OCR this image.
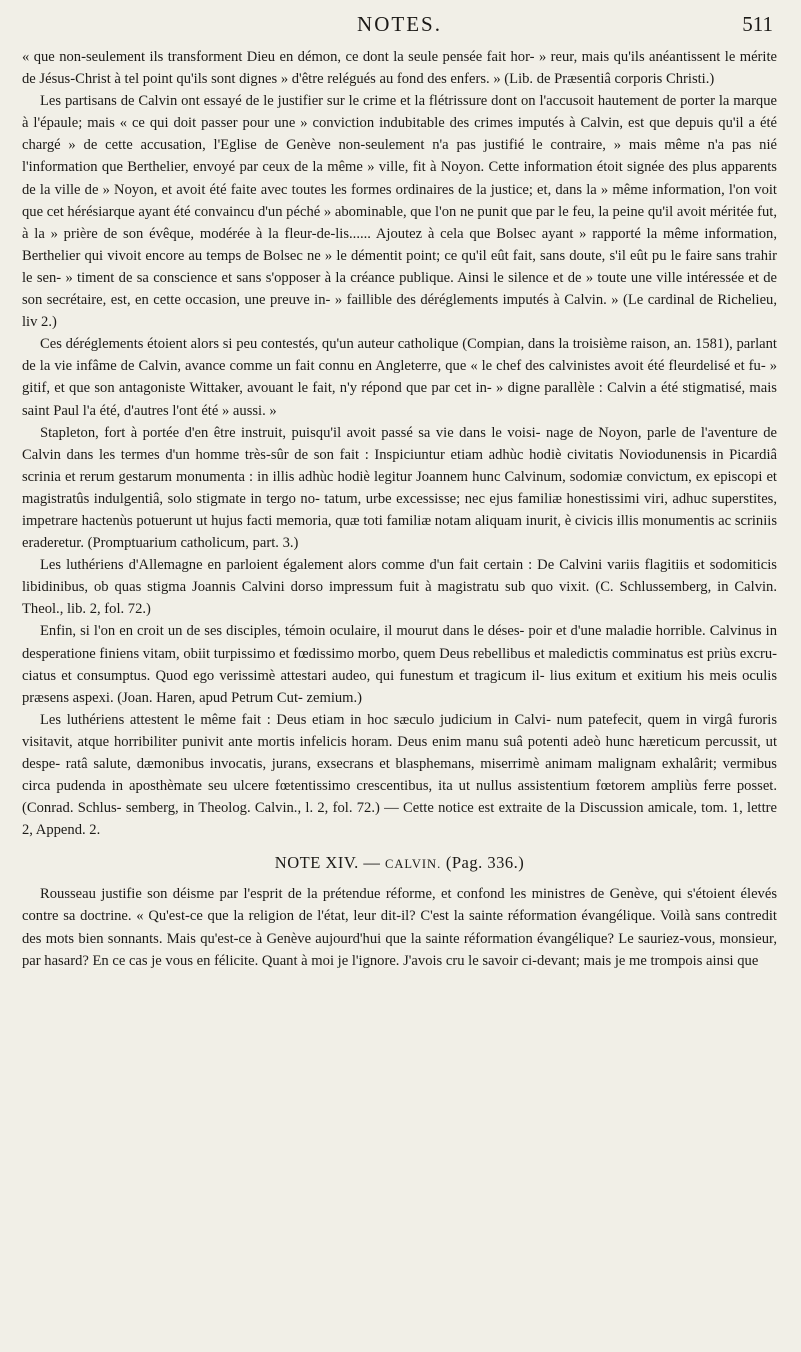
NOTES.	511

« que non-seulement ils transforment Dieu en démon, ce dont la seule pensée fait hor- » reur, mais qu'ils anéantissent le mérite de Jésus-Christ à tel point qu'ils sont dignes » d'être relégués au fond des enfers. » (Lib. de Præsentiâ corporis Christi.)

Les partisans de Calvin ont essayé de le justifier sur le crime et la flétrissure dont on l'accusoit hautement de porter la marque à l'épaule; mais « ce qui doit passer pour une » conviction indubitable des crimes imputés à Calvin, est que depuis qu'il a été chargé » de cette accusation, l'Eglise de Genève non-seulement n'a pas justifié le contraire, » mais même n'a pas nié l'information que Berthelier, envoyé par ceux de la même » ville, fit à Noyon. Cette information étoit signée des plus apparents de la ville de » Noyon, et avoit été faite avec toutes les formes ordinaires de la justice; et, dans la » même information, l'on voit que cet hérésiarque ayant été convaincu d'un péché » abominable, que l'on ne punit que par le feu, la peine qu'il avoit méritée fut, à la » prière de son évêque, modérée à la fleur-de-lis...... Ajoutez à cela que Bolsec ayant » rapporté la même information, Berthelier qui vivoit encore au temps de Bolsec ne » le démentit point; ce qu'il eût fait, sans doute, s'il eût pu le faire sans trahir le sen- » timent de sa conscience et sans s'opposer à la créance publique. Ainsi le silence et de » toute une ville intéressée et de son secrétaire, est, en cette occasion, une preuve in- » faillible des déréglements imputés à Calvin. » (Le cardinal de Richelieu, liv 2.)

Ces déréglements étoient alors si peu contestés, qu'un auteur catholique (Compian, dans la troisième raison, an. 1581), parlant de la vie infâme de Calvin, avance comme un fait connu en Angleterre, que « le chef des calvinistes avoit été fleurdelisé et fu- » gitif, et que son antagoniste Wittaker, avouant le fait, n'y répond que par cet in- » digne parallèle : Calvin a été stigmatisé, mais saint Paul l'a été, d'autres l'ont été » aussi. »

Stapleton, fort à portée d'en être instruit, puisqu'il avoit passé sa vie dans le voisi- nage de Noyon, parle de l'aventure de Calvin dans les termes d'un homme très-sûr de son fait : Inspiciuntur etiam adhùc hodiè civitatis Noviodunensis in Picardiâ scrinia et rerum gestarum monumenta : in illis adhùc hodiè legitur Joannem hunc Calvinum, sodomiæ convictum, ex episcopi et magistratûs indulgentiâ, solo stigmate in tergo no- tatum, urbe excessisse; nec ejus familiæ honestissimi viri, adhuc superstites, impetrare hactenùs potuerunt ut hujus facti memoria, quæ toti familiæ notam aliquam inurit, è civicis illis monumentis ac scriniis eraderetur. (Promptuarium catholicum, part. 3.)

Les luthériens d'Allemagne en parloient également alors comme d'un fait certain : De Calvini variis flagitiis et sodomiticis libidinibus, ob quas stigma Joannis Calvini dorso impressum fuit à magistratu sub quo vixit. (C. Schlussemberg, in Calvin. Theol., lib. 2, fol. 72.)

Enfin, si l'on en croit un de ses disciples, témoin oculaire, il mourut dans le déses- poir et d'une maladie horrible. Calvinus in desperatione finiens vitam, obiit turpissimo et fœdissimo morbo, quem Deus rebellibus et maledictis comminatus est priùs excru- ciatus et consumptus. Quod ego verissimè attestari audeo, qui funestum et tragicum il- lius exitum et exitium his meis oculis præsens aspexi. (Joan. Haren, apud Petrum Cut- zemium.)

Les luthériens attestent le même fait : Deus etiam in hoc sæculo judicium in Calvi- num patefecit, quem in virgâ furoris visitavit, atque horribiliter punivit ante mortis infelicis horam. Deus enim manu suâ potenti adeò hunc hæreticum percussit, ut despe- ratâ salute, dæmonibus invocatis, jurans, exsecrans et blasphemans, miserrimè animam malignam exhalârit; vermibus circa pudenda in aposthèmate seu ulcere fœtentissimo crescentibus, ita ut nullus assistentium fœtorem ampliùs ferre posset. (Conrad. Schlus- semberg, in Theolog. Calvin., l. 2, fol. 72.) — Cette notice est extraite de la Discussion amicale, tom. 1, lettre 2, Append. 2.

NOTE XIV. — CALVIN. (Pag. 336.)

Rousseau justifie son déisme par l'esprit de la prétendue réforme, et confond les ministres de Genève, qui s'étoient élevés contre sa doctrine. « Qu'est-ce que la religion de l'état, leur dit-il? C'est la sainte réformation évangélique. Voilà sans contredit des mots bien sonnants. Mais qu'est-ce à Genève aujourd'hui que la sainte réformation évangélique? Le sauriez-vous, monsieur, par hasard? En ce cas je vous en félicite. Quant à moi je l'ignore. J'avois cru le savoir ci-devant; mais je me trompois ainsi que
